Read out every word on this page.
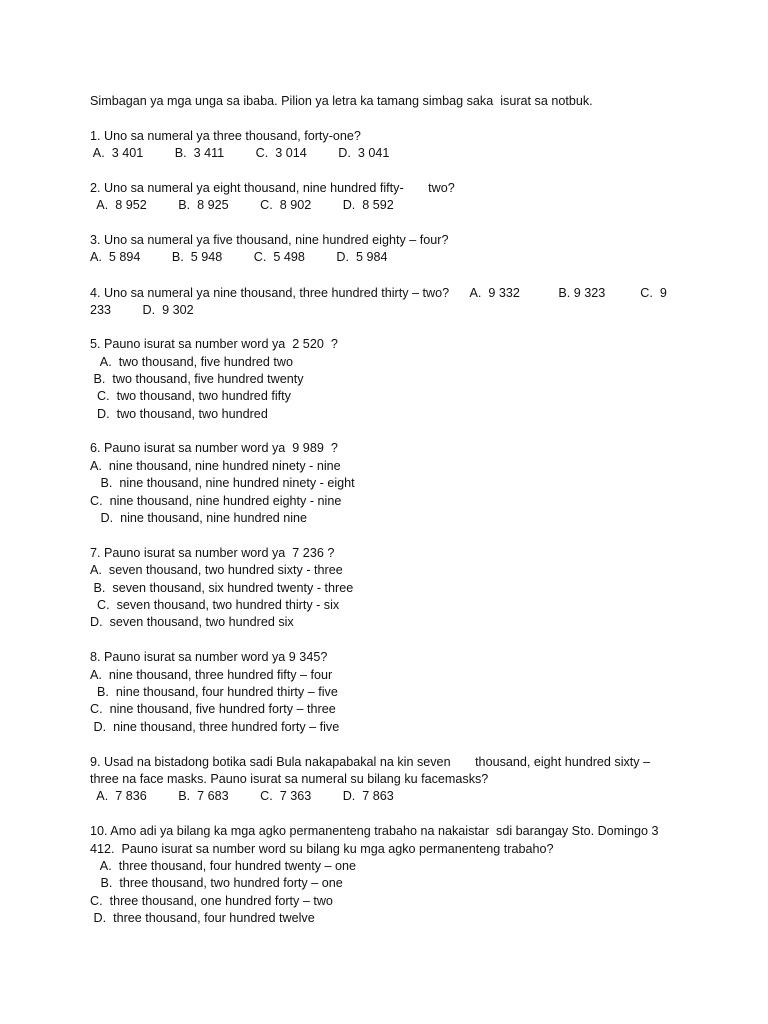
Simbagan ya mga unga sa ibaba. Pilion ya letra ka tamang simbag saka  isurat sa notbuk.
1. Uno sa numeral ya three thousand, forty-one?
A.  3 401         B.  3 411         C.  3 014         D.  3 041
2. Uno sa numeral ya eight thousand, nine hundred fifty-       two?
A.  8 952         B.  8 925         C.  8 902         D.  8 592
3. Uno sa numeral ya five thousand, nine hundred eighty – four?
A.  5 894         B.  5 948         C.  5 498         D.  5 984
4. Uno sa numeral ya nine thousand, three hundred thirty – two?      A.  9 332           B. 9 323          C.  9
233         D.  9 302
5. Pauno isurat sa number word ya  2 520  ?
A.  two thousand, five hundred two
B.  two thousand, five hundred twenty
C.  two thousand, two hundred fifty
D.  two thousand, two hundred
6. Pauno isurat sa number word ya  9 989  ?
A.  nine thousand, nine hundred ninety - nine
B.  nine thousand, nine hundred ninety - eight
C.  nine thousand, nine hundred eighty - nine
D.  nine thousand, nine hundred nine
7. Pauno isurat sa number word ya  7 236 ?
A.  seven thousand, two hundred sixty - three
B.  seven thousand, six hundred twenty - three
C.  seven thousand, two hundred thirty - six
D.  seven thousand, two hundred six
8. Pauno isurat sa number word ya 9 345?
A.  nine thousand, three hundred fifty – four
B.  nine thousand, four hundred thirty – five
C.  nine thousand, five hundred forty – three
D.  nine thousand, three hundred forty – five
9. Usad na bistadong botika sadi Bula nakapabakal na kin seven       thousand, eight hundred sixty –
three na face masks. Pauno isurat sa numeral su bilang ku facemasks?
A.  7 836         B.  7 683         C.  7 363         D.  7 863
10. Amo adi ya bilang ka mga agko permanenteng trabaho na nakaistar  sdi barangay Sto. Domingo 3
412.  Pauno isurat sa number word su bilang ku mga agko permanenteng trabaho?
A.  three thousand, four hundred twenty – one
B.  three thousand, two hundred forty – one
C.  three thousand, one hundred forty – two
D.  three thousand, four hundred twelve
